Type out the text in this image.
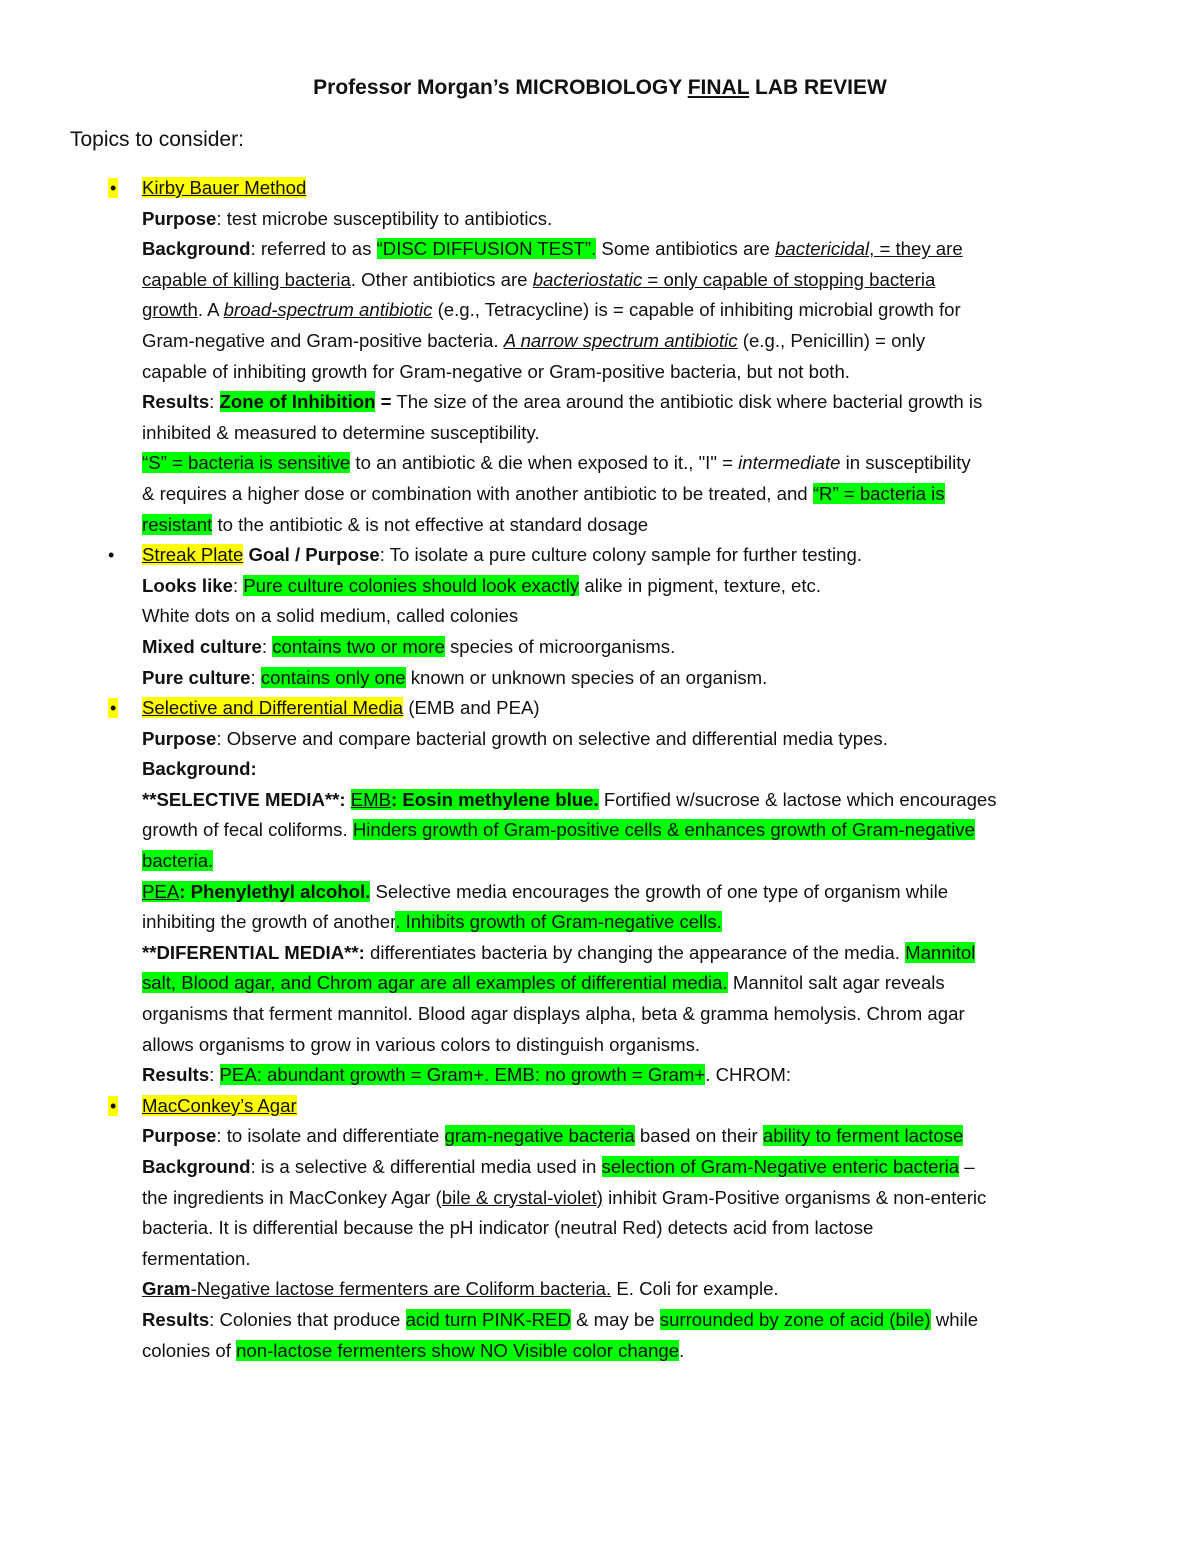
Professor Morgan’s MICROBIOLOGY FINAL LAB REVIEW
Topics to consider:
•	Kirby Bauer Method
Purpose: test microbe susceptibility to antibiotics.
Background: referred to as “DISC DIFFUSION TEST”. Some antibiotics are bactericidal, = they are
capable of killing bacteria. Other antibiotics are bacteriostatic = only capable of stopping bacteria
growth. A broad-spectrum antibiotic (e.g., Tetracycline) is = capable of inhibiting microbial growth for
Gram-negative and Gram-positive bacteria. A narrow spectrum antibiotic (e.g., Penicillin) = only
capable of inhibiting growth for Gram-negative or Gram-positive bacteria, but not both.
Results: Zone of Inhibition = The size of the area around the antibiotic disk where bacterial growth is
inhibited & measured to determine susceptibility.
“S” = bacteria is sensitive to an antibiotic & die when exposed to it., "I" = intermediate in susceptibility
& requires a higher dose or combination with another antibiotic to be treated, and “R” = bacteria is
resistant to the antibiotic & is not effective at standard dosage
•	Streak Plate Goal / Purpose: To isolate a pure culture colony sample for further testing.
Looks like: Pure culture colonies should look exactly alike in pigment, texture, etc.
White dots on a solid medium, called colonies
Mixed culture: contains two or more species of microorganisms.
Pure culture: contains only one known or unknown species of an organism.
•	Selective and Differential Media (EMB and PEA)
Purpose: Observe and compare bacterial growth on selective and differential media types.
Background:
**SELECTIVE MEDIA**: EMB: Eosin methylene blue. Fortified w/sucrose & lactose which encourages
growth of fecal coliforms. Hinders growth of Gram-positive cells & enhances growth of Gram-negative
bacteria.
PEA: Phenylethyl alcohol. Selective media encourages the growth of one type of organism while
inhibiting the growth of another. Inhibits growth of Gram-negative cells.
**DIFERENTIAL MEDIA**: differentiates bacteria by changing the appearance of the media. Mannitol
salt, Blood agar, and Chrom agar are all examples of differential media. Mannitol salt agar reveals
organisms that ferment mannitol. Blood agar displays alpha, beta & gramma hemolysis. Chrom agar
allows organisms to grow in various colors to distinguish organisms.
Results: PEA: abundant growth = Gram+. EMB: no growth = Gram+. CHROM:
•	MacConkey’s Agar
Purpose: to isolate and differentiate gram-negative bacteria based on their ability to ferment lactose
Background: is a selective & differential media used in selection of Gram-Negative enteric bacteria –
the ingredients in MacConkey Agar (bile & crystal-violet) inhibit Gram-Positive organisms & non-enteric
bacteria. It is differential because the pH indicator (neutral Red) detects acid from lactose
fermentation.
Gram-Negative lactose fermenters are Coliform bacteria. E. Coli for example.
Results: Colonies that produce acid turn PINK-RED & may be surrounded by zone of acid (bile) while
colonies of non-lactose fermenters show NO Visible color change.
